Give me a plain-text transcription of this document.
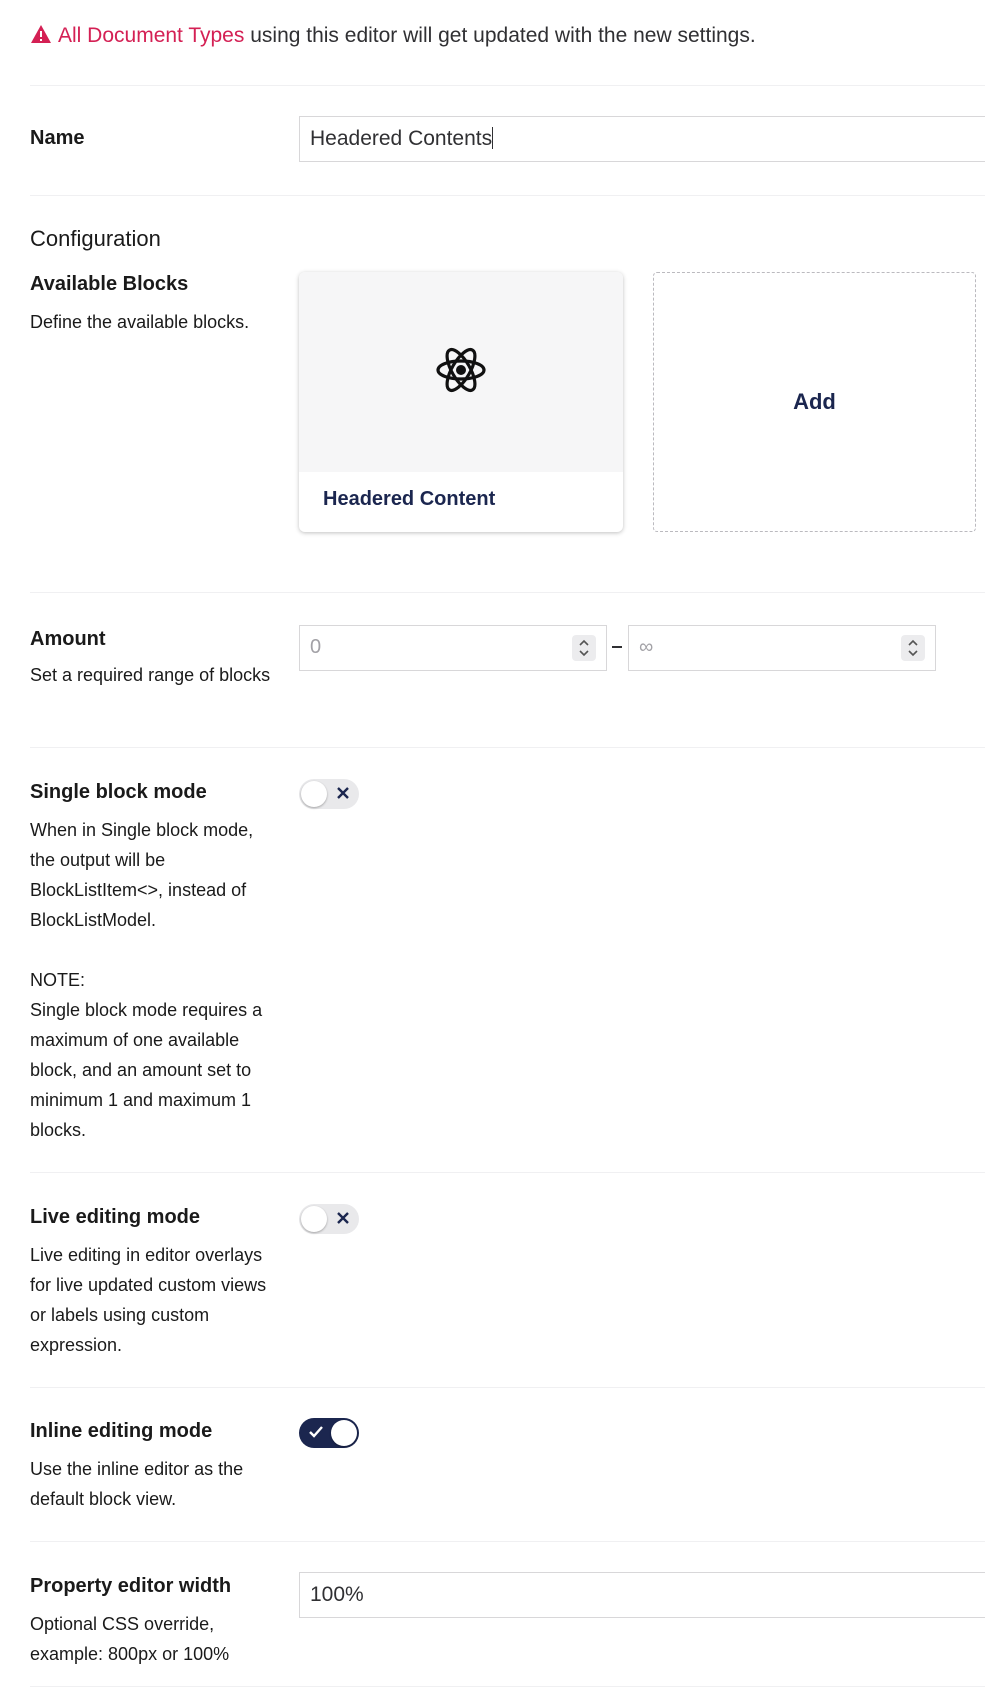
All Document Types using this editor will get updated with the new settings.
Name	Headered Contents
Configuration
Available Blocks
Define the available blocks.
Headered Content
Add
Amount
Set a required range of blocks
0	∞
Single block mode
When in Single block mode, the output will be BlockListItem<>, instead of BlockListModel.

NOTE:
Single block mode requires a maximum of one available block, and an amount set to minimum 1 and maximum 1 blocks.
Live editing mode
Live editing in editor overlays for live updated custom views or labels using custom expression.
Inline editing mode
Use the inline editor as the default block view.
Property editor width
Optional CSS override, example: 800px or 100%
100%
